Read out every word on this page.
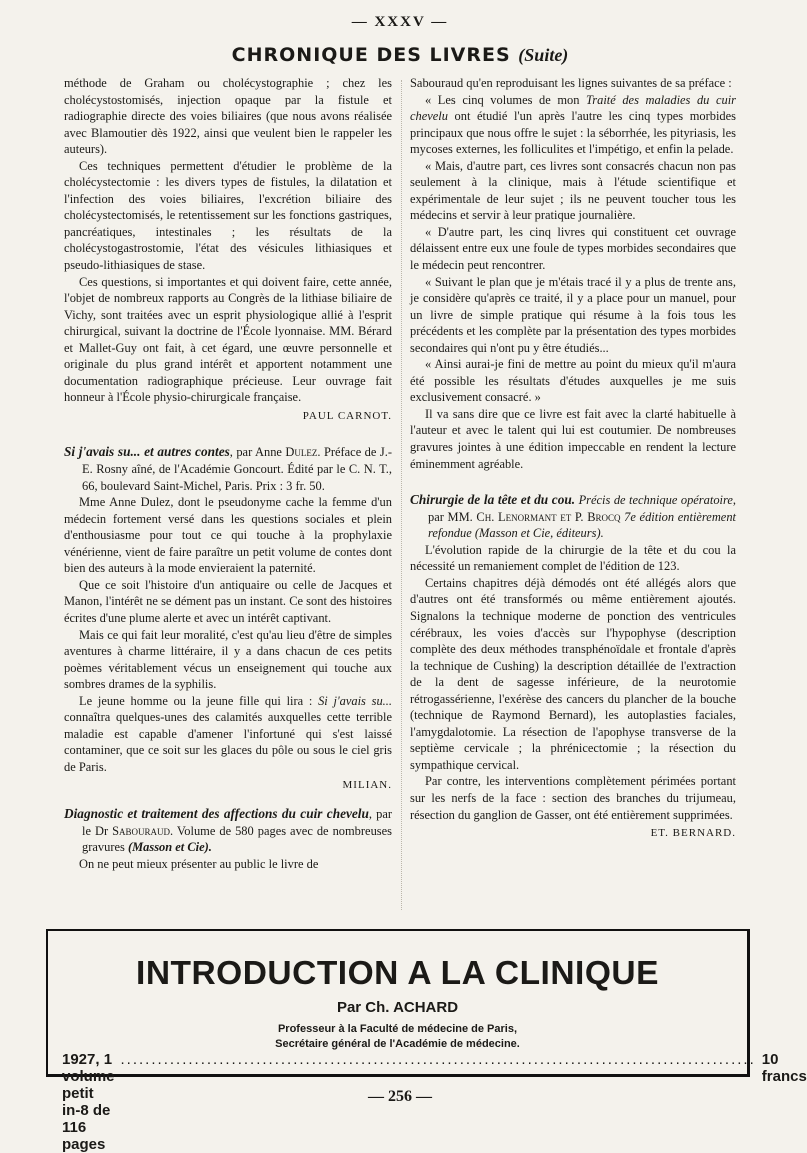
— XXXV —
CHRONIQUE DES LIVRES (Suite)

méthode de Graham ou cholécystographie ; chez les cholécystostomisés, injection opaque par la fistule et radiographie directe des voies biliaires (que nous avons réalisée avec Blamoutier dès 1922, ainsi que veulent bien le rappeler les auteurs).

Ces techniques permettent d'étudier le problème de la cholécystectomie : les divers types de fistules, la dilatation et l'infection des voies biliaires, l'excrétion biliaire des cholécystectomisés, le retentissement sur les fonctions gastriques, pancréatiques, intestinales ; les résultats de la cholécystogastrostomie, l'état des vésicules lithiasiques et pseudo-lithiasiques de stase.

Ces questions, si importantes et qui doivent faire, cette année, l'objet de nombreux rapports au Congrès de la lithiase biliaire de Vichy, sont traitées avec un esprit physiologique allié à l'esprit chirurgical, suivant la doctrine de l'École lyonnaise. MM. Bérard et Mallet-Guy ont fait, à cet égard, une œuvre personnelle et originale du plus grand intérêt et apportent notamment une documentation radiographique précieuse. Leur ouvrage fait honneur à l'École physio-chirurgicale française.

PAUL CARNOT.

Si j'avais su... et autres contes, par Anne Dulez. Préface de J.-E. Rosny aîné, de l'Académie Goncourt. Édité par le C. N. T., 66, boulevard Saint-Michel, Paris. Prix : 3 fr. 50.

Mme Anne Dulez, dont le pseudonyme cache la femme d'un médecin fortement versé dans les questions sociales et plein d'enthousiasme pour tout ce qui touche à la prophylaxie vénérienne, vient de faire paraître un petit volume de contes dont bien des auteurs à la mode envieraient la paternité.

Que ce soit l'histoire d'un antiquaire ou celle de Jacques et Manon, l'intérêt ne se dément pas un instant. Ce sont des histoires écrites d'une plume alerte et avec un intérêt captivant.

Mais ce qui fait leur moralité, c'est qu'au lieu d'être de simples aventures à charme littéraire, il y a dans chacun de ces petits poèmes véritablement vécus un enseignement qui touche aux sombres drames de la syphilis.

Le jeune homme ou la jeune fille qui lira : Si j'avais su... connaîtra quelques-unes des calamités auxquelles cette terrible maladie est capable d'amener l'infortuné qui s'est laissé contaminer, que ce soit sur les glaces du pôle ou sous le ciel gris de Paris.

MILIAN.

Diagnostic et traitement des affections du cuir chevelu, par le Dr Sabouraud. Volume de 580 pages avec de nombreuses gravures (Masson et Cie).

On ne peut mieux présenter au public le livre de

Sabouraud qu'en reproduisant les lignes suivantes de sa préface :

« Les cinq volumes de mon Traité des maladies du cuir chevelu ont étudié l'un après l'autre les cinq types morbides principaux que nous offre le sujet : la séborrhée, les pityriasis, les mycoses externes, les folliculites et l'impétigo, et enfin la pelade.

« Mais, d'autre part, ces livres sont consacrés chacun non pas seulement à la clinique, mais à l'étude scientifique et expérimentale de leur sujet ; ils ne peuvent toucher tous les médecins et servir à leur pratique journalière.

« D'autre part, les cinq livres qui constituent cet ouvrage délaissent entre eux une foule de types morbides secondaires que le médecin peut rencontrer.

« Suivant le plan que je m'étais tracé il y a plus de trente ans, je considère qu'après ce traité, il y a place pour un manuel, pour un livre de simple pratique qui résume à la fois tous les précédents et les complète par la présentation des types morbides secondaires qui n'ont pu y être étudiés...

« Ainsi aurai-je fini de mettre au point du mieux qu'il m'aura été possible les résultats d'études auxquelles je me suis exclusivement consacré. »

Il va sans dire que ce livre est fait avec la clarté habituelle à l'auteur et avec le talent qui lui est coutumier. De nombreuses gravures jointes à une édition impeccable en rendent la lecture éminemment agréable.

Chirurgie de la tête et du cou. Précis de technique opératoire, par MM. Ch. Lenormant et P. Brocq 7e édition entièrement refondue (Masson et Cie, éditeurs).

L'évolution rapide de la chirurgie de la tête et du cou la nécessité un remaniement complet de l'édition de 123.

Certains chapitres déjà démodés ont été allégés alors que d'autres ont été transformés ou même entièrement ajoutés. Signalons la technique moderne de ponction des ventricules cérébraux, les voies d'accès sur l'hypophyse (description complète des deux méthodes transphénoïdale et frontale d'après la technique de Cushing) la description détaillée de l'extraction de la dent de sagesse inférieure, de la neurotomie rétrogassérienne, l'exérèse des cancers du plancher de la bouche (technique de Raymond Bernard), les autoplasties faciales, l'amygdalotomie. La résection de l'apophyse transverse de la septième cervicale ; la phrénicectomie ; la résection du sympathique cervical.

Par contre, les interventions complètement périmées portant sur les nerfs de la face : section des branches du trijumeau, résection du ganglion de Gasser, ont été entièrement supprimées.

ET. BERNARD.

INTRODUCTION A LA CLINIQUE
Par Ch. ACHARD
Professeur à la Faculté de médecine de Paris,
Secrétaire général de l'Académie de médecine.
1927, 1 volume petit in-8 de 116 pages
....................................................................................................... 10 francs
— 256 —
